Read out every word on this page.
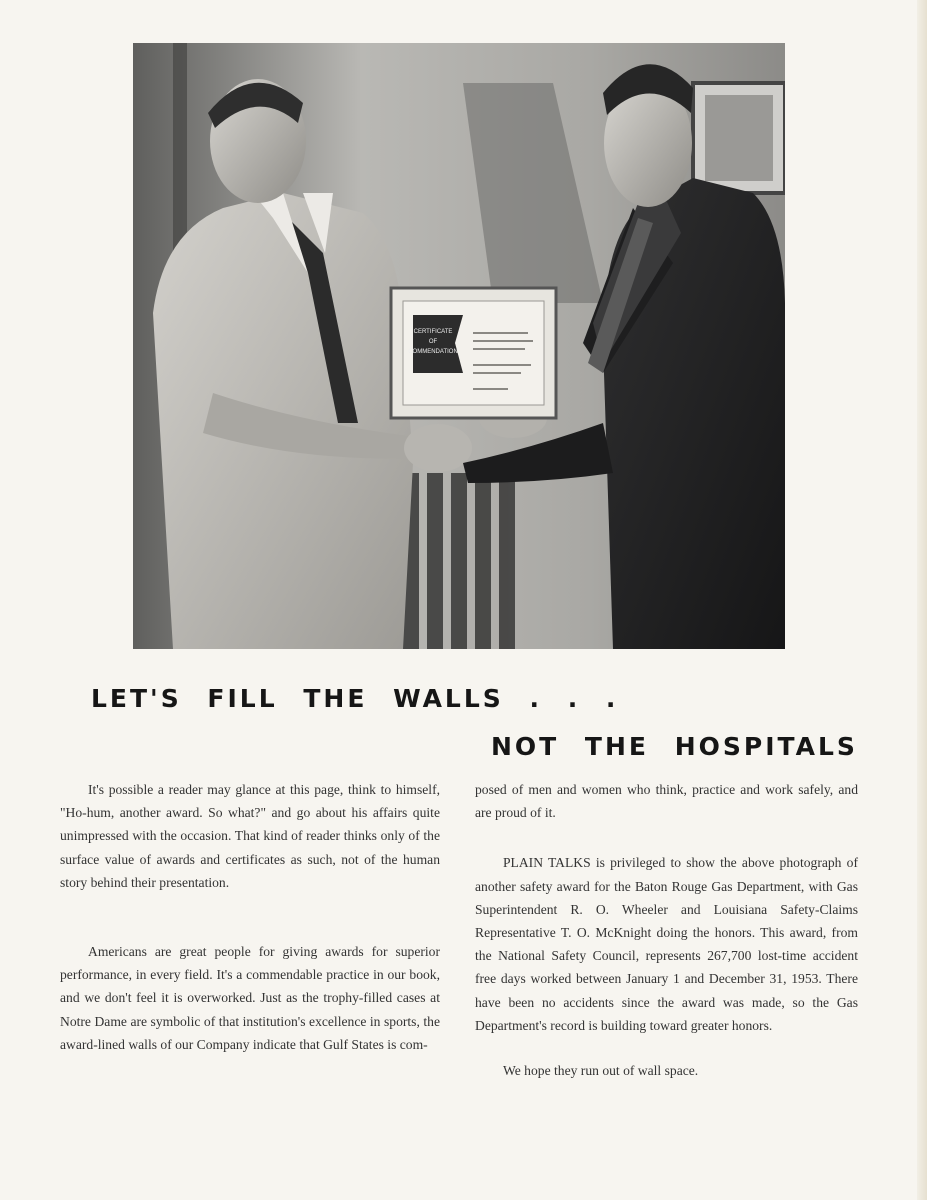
CERTIFICATE
OF
COMMENDATION
LET'S FILL THE WALLS . . .
NOT THE HOSPITALS

It's possible a reader may glance at this page, think to himself, "Ho-hum, another award. So what?" and go about his affairs quite unimpressed with the occasion. That kind of reader thinks only of the surface value of awards and certificates as such, not of the human story behind their presentation.

Americans are great people for giving awards for superior performance, in every field. It's a commendable practice in our book, and we don't feel it is overworked. Just as the trophy-filled cases at Notre Dame are symbolic of that institution's excellence in sports, the award-lined walls of our Company indicate that Gulf States is com-

posed of men and women who think, practice and work safely, and are proud of it.

PLAIN TALKS is privileged to show the above photograph of another safety award for the Baton Rouge Gas Department, with Gas Superintendent R. O. Wheeler and Louisiana Safety-Claims Representative T. O. McKnight doing the honors. This award, from the National Safety Council, represents 267,700 lost-time accident free days worked between January 1 and December 31, 1953. There have been no accidents since the award was made, so the Gas Department's record is building toward greater honors.

We hope they run out of wall space.
